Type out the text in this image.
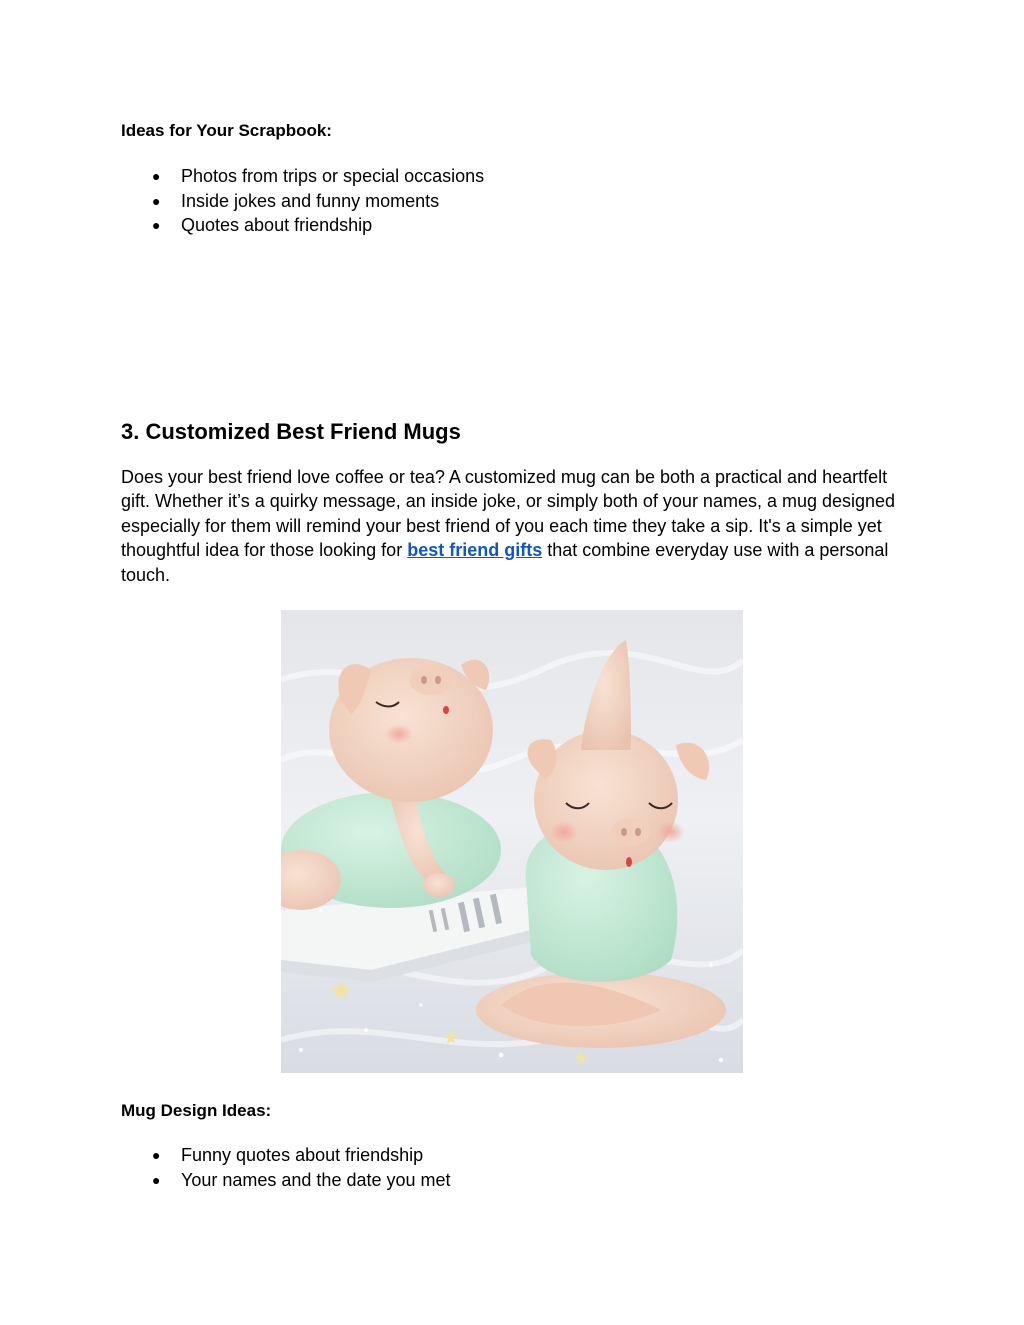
Ideas for Your Scrapbook:
● Photos from trips or special occasions
● Inside jokes and funny moments
● Quotes about friendship
3. Customized Best Friend Mugs

Does your best friend love coffee or tea? A customized mug can be both a practical and heartfelt gift. Whether it’s a quirky message, an inside joke, or simply both of your names, a mug designed especially for them will remind your best friend of you each time they take a sip. It's a simple yet thoughtful idea for those looking for best friend gifts that combine everyday use with a personal touch.

Mug Design Ideas:
● Funny quotes about friendship
● Your names and the date you met
